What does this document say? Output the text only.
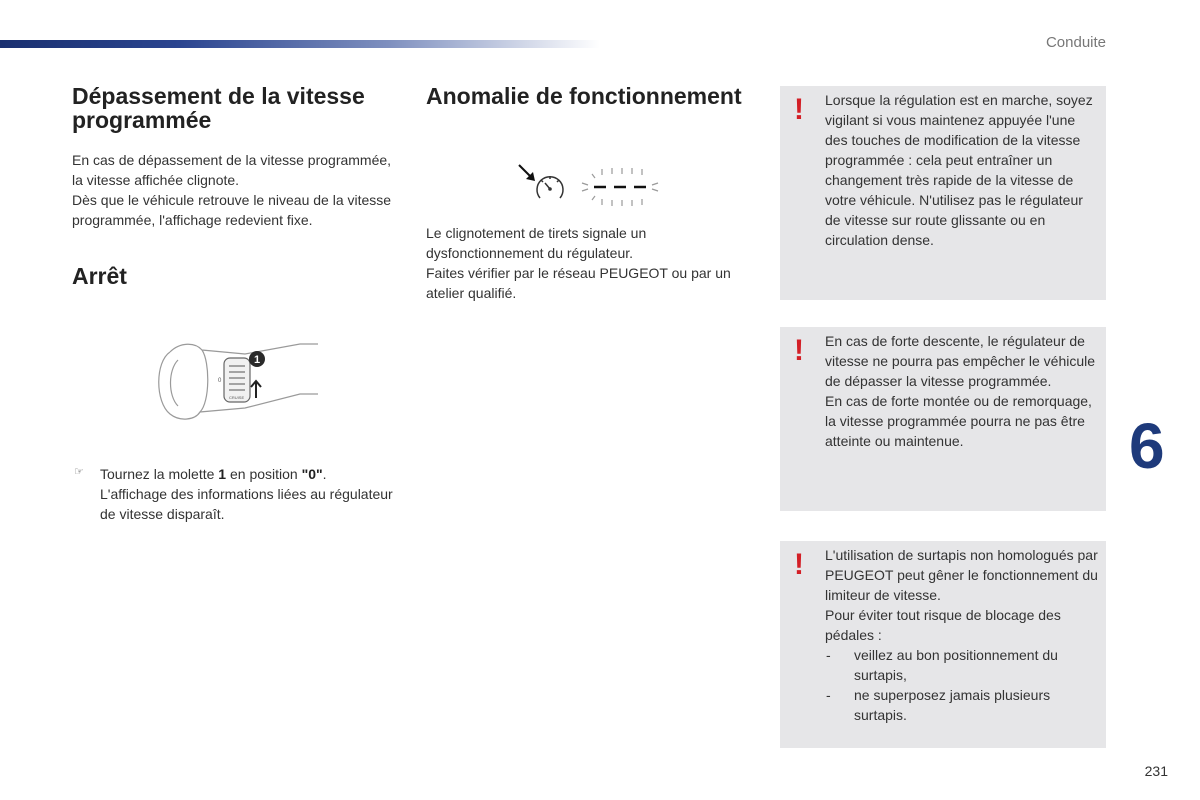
Conduite
Dépassement de la vitesse programmée
En cas de dépassement de la vitesse programmée, la vitesse affichée clignote.
Dès que le véhicule retrouve le niveau de la vitesse programmée, l'affichage redevient fixe.
Arrêt
1
0
CRUISE
☞ Tournez la molette 1 en position "0".
L'affichage des informations liées au régulateur de vitesse disparaît.
Anomalie de fonctionnement
Le clignotement de tirets signale un dysfonctionnement du régulateur.
Faites vérifier par le réseau PEUGEOT ou par un atelier qualifié.
! Lorsque la régulation est en marche, soyez vigilant si vous maintenez appuyée l'une des touches de modification de la vitesse programmée : cela peut entraîner un changement très rapide de la vitesse de votre véhicule. N'utilisez pas le régulateur de vitesse sur route glissante ou en circulation dense.
! En cas de forte descente, le régulateur de vitesse ne pourra pas empêcher le véhicule de dépasser la vitesse programmée.
En cas de forte montée ou de remorquage, la vitesse programmée pourra ne pas être atteinte ou maintenue.
! L'utilisation de surtapis non homologués par PEUGEOT peut gêner le fonctionnement du limiteur de vitesse.
Pour éviter tout risque de blocage des pédales :
- veillez au bon positionnement du surtapis,
- ne superposez jamais plusieurs surtapis.
6
231
